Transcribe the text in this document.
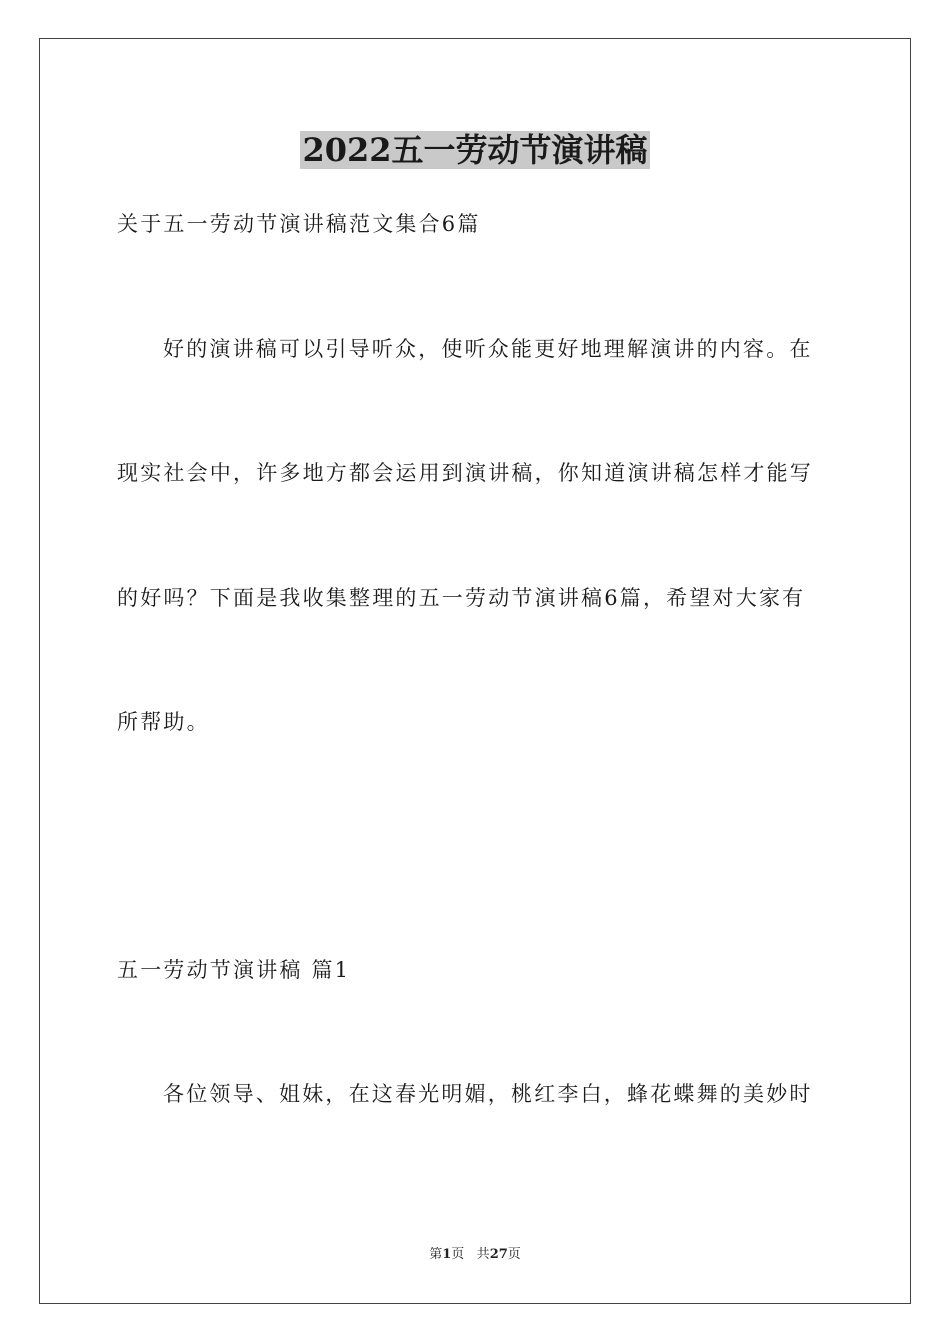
2022五一劳动节演讲稿
关于五一劳动节演讲稿范文集合6篇
好的演讲稿可以引导听众，使听众能更好地理解演讲的内容。在
现实社会中，许多地方都会运用到演讲稿，你知道演讲稿怎样才能写
的好吗？下面是我收集整理的五一劳动节演讲稿6篇，希望对大家有
所帮助。
五一劳动节演讲稿 篇1
各位领导、姐妹，在这春光明媚，桃红李白，蜂花蝶舞的美妙时
第1页 共27页
